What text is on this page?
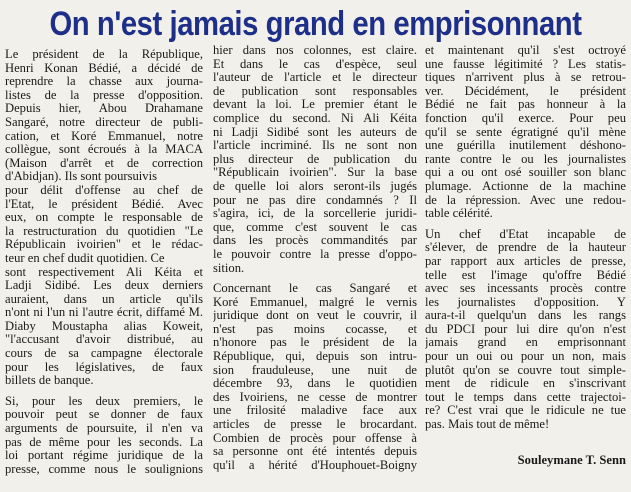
On n'est jamais grand en emprisonnant
Le président de la République,
Henri Konan Bédié, a décidé de
reprendre la chasse aux journa-
listes de la presse d'opposition.
Depuis hier, Abou Drahamane
Sangaré, notre directeur de publi-
cation, et Koré Emmanuel, notre
collègue, sont écroués à la MACA
(Maison d'arrêt et de correction
d'Abidjan). Ils sont poursuivis
pour délit d'offense au chef de
l'Etat, le président Bédié. Avec
eux, on compte le responsable de
la restructuration du quotidien "Le
Républicain ivoirien" et le rédac-
teur en chef dudit quotidien. Ce
sont respectivement Ali Kéita et
Ladji Sidibé. Les deux derniers
auraient, dans un article qu'ils
n'ont ni l'un ni l'autre écrit, diffamé M.
Diaby Moustapha alias Koweit,
"l'accusant d'avoir distribué, au
cours de sa campagne électorale
pour les législatives, de faux
billets de banque.
Si, pour les deux premiers, le
pouvoir peut se donner de faux
arguments de poursuite, il n'en va
pas de même pour les seconds. La
loi portant régime juridique de la
presse, comme nous le soulignions
hier dans nos colonnes, est claire.
Et dans le cas d'espèce, seul
l'auteur de l'article et le directeur
de publication sont responsables
devant la loi. Le premier étant le
complice du second. Ni Ali Kéita
ni Ladji Sidibé sont les auteurs de
l'article incriminé. Ils ne sont non
plus directeur de publication du
"Républicain ivoirien". Sur la base
de quelle loi alors seront-ils jugés
pour ne pas dire condamnés ? Il
s'agira, ici, de la sorcellerie juridi-
que, comme c'est souvent le cas
dans les procès commandités par
le pouvoir contre la presse d'oppo-
sition.
Concernant le cas Sangaré et
Koré Emmanuel, malgré le vernis
juridique dont on veut le couvrir, il
n'est pas moins cocasse, et
n'honore pas le président de la
République, qui, depuis son intru-
sion frauduleuse, une nuit de
décembre 93, dans le quotidien
des Ivoiriens, ne cesse de montrer
une frilosité maladive face aux
articles de presse le brocardant.
Combien de procès pour offense à
sa personne ont été intentés depuis
qu'il a hérité d'Houphouet-Boigny
et maintenant qu'il s'est octroyé
une fausse légitimité ? Les statis-
tiques n'arrivent plus à se retrou-
ver. Décidément, le président
Bédié ne fait pas honneur à la
fonction qu'il exerce. Pour peu
qu'il se sente égratigné qu'il mène
une guérilla inutilement déshono-
rante contre le ou les journalistes
qui a ou ont osé souiller son blanc
plumage. Actionne de la machine
de la répression. Avec une redou-
table célérité.
Un chef d'Etat incapable de
s'élever, de prendre de la hauteur
par rapport aux articles de presse,
telle est l'image qu'offre Bédié
avec ses incessants procès contre
les journalistes d'opposition. Y
aura-t-il quelqu'un dans les rangs
du PDCI pour lui dire qu'on n'est
jamais grand en emprisonnant
pour un oui ou pour un non, mais
plutôt qu'on se couvre tout simple-
ment de ridicule en s'inscrivant
tout le temps dans cette trajectoi-
re? C'est vrai que le ridicule ne tue
pas. Mais tout de même!
Souleymane T. Senn
